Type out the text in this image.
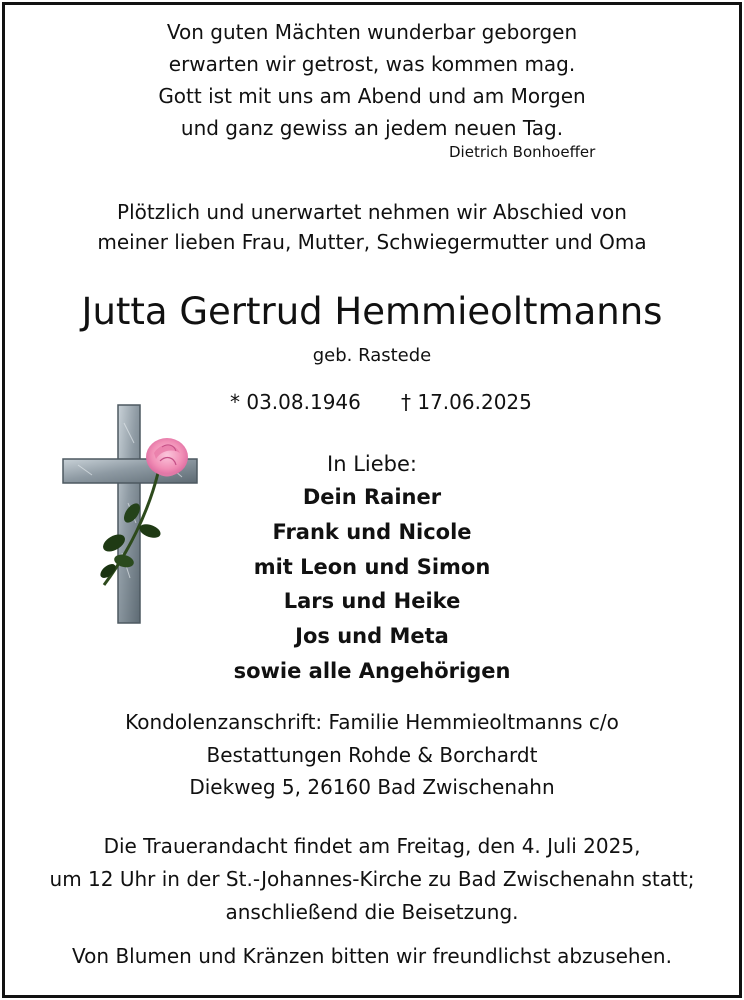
Von guten Mächten wunderbar geborgen
erwarten wir getrost, was kommen mag.
Gott ist mit uns am Abend und am Morgen
und ganz gewiss an jedem neuen Tag.
Dietrich Bonhoeffer
Plötzlich und unerwartet nehmen wir Abschied von
meiner lieben Frau, Mutter, Schwiegermutter und Oma
Jutta Gertrud Hemmieoltmanns
geb. Rastede
* 03.08.1946 † 17.06.2025
In Liebe:
Dein Rainer
Frank und Nicole
mit Leon und Simon
Lars und Heike
Jos und Meta
sowie alle Angehörigen
Kondolenzanschrift: Familie Hemmieoltmanns c/o
Bestattungen Rohde & Borchardt
Diekweg 5, 26160 Bad Zwischenahn
Die Trauerandacht findet am Freitag, den 4. Juli 2025,
um 12 Uhr in der St.-Johannes-Kirche zu Bad Zwischenahn statt;
anschließend die Beisetzung.
Von Blumen und Kränzen bitten wir freundlichst abzusehen.
